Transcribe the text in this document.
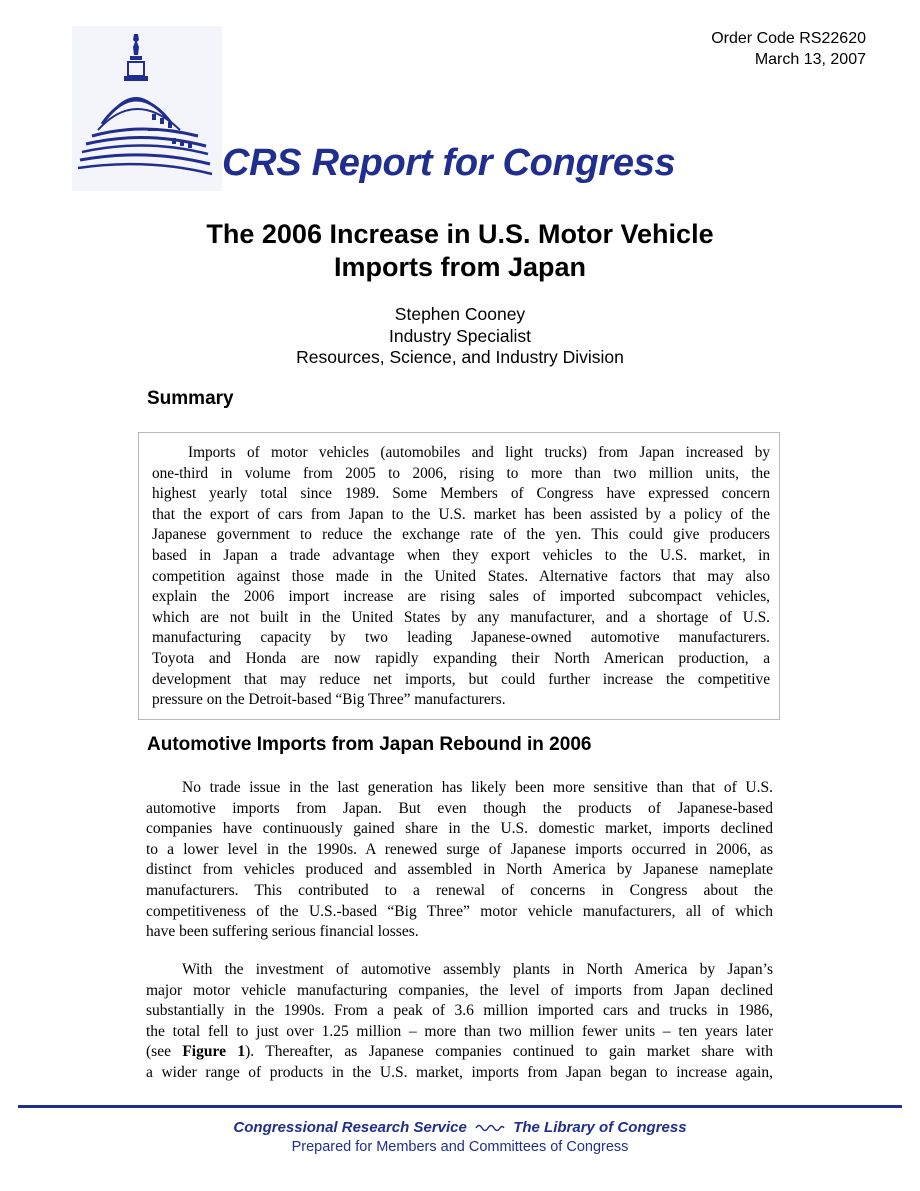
Order Code RS22620
March 13, 2007
CRS Report for Congress
The 2006 Increase in U.S. Motor Vehicle
Imports from Japan
Stephen Cooney
Industry Specialist
Resources, Science, and Industry Division
Summary

Imports of motor vehicles (automobiles and light trucks) from Japan increased by
one-third in volume from 2005 to 2006, rising to more than two million units, the
highest yearly total since 1989. Some Members of Congress have expressed concern
that the export of cars from Japan to the U.S. market has been assisted by a policy of the
Japanese government to reduce the exchange rate of the yen. This could give producers
based in Japan a trade advantage when they export vehicles to the U.S. market, in
competition against those made in the United States. Alternative factors that may also
explain the 2006 import increase are rising sales of imported subcompact vehicles,
which are not built in the United States by any manufacturer, and a shortage of U.S.
manufacturing capacity by two leading Japanese-owned automotive manufacturers.
Toyota and Honda are now rapidly expanding their North American production, a
development that may reduce net imports, but could further increase the competitive
pressure on the Detroit-based “Big Three” manufacturers.

Automotive Imports from Japan Rebound in 2006

No trade issue in the last generation has likely been more sensitive than that of U.S.
automotive imports from Japan. But even though the products of Japanese-based
companies have continuously gained share in the U.S. domestic market, imports declined
to a lower level in the 1990s. A renewed surge of Japanese imports occurred in 2006, as
distinct from vehicles produced and assembled in North America by Japanese nameplate
manufacturers. This contributed to a renewal of concerns in Congress about the
competitiveness of the U.S.-based “Big Three” motor vehicle manufacturers, all of which
have been suffering serious financial losses.

With the investment of automotive assembly plants in North America by Japan’s
major motor vehicle manufacturing companies, the level of imports from Japan declined
substantially in the 1990s. From a peak of 3.6 million imported cars and trucks in 1986,
the total fell to just over 1.25 million – more than two million fewer units – ten years later
(see Figure 1). Thereafter, as Japanese companies continued to gain market share with
a wider range of products in the U.S. market, imports from Japan began to increase again,

Congressional Research Service	The Library of Congress
Prepared for Members and Committees of Congress
